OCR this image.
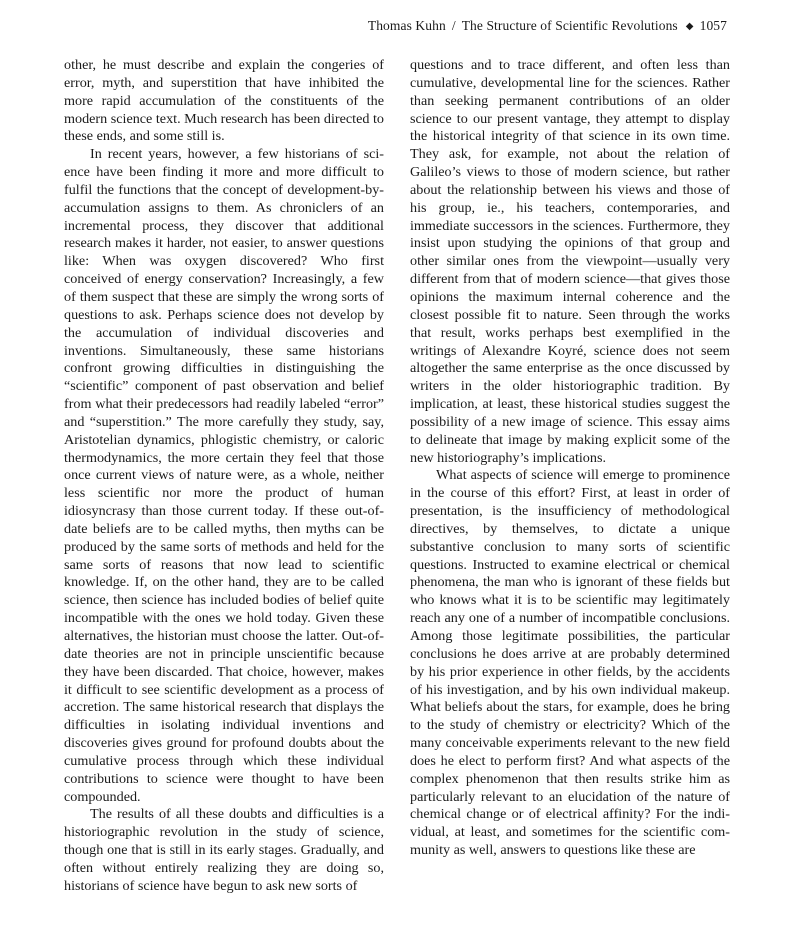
Thomas Kuhn / The Structure of Scientific Revolutions ◆ 1057

other, he must describe and explain the congeries of error, myth, and superstition that have inhibited the more rapid accumulation of the constituents of the modern science text. Much research has been directed to these ends, and some still is.

In recent years, however, a few historians of science have been finding it more and more difficult to fulfil the functions that the concept of development-by-accumulation assigns to them. As chroniclers of an incremental process, they discover that additional research makes it harder, not easier, to answer questions like: When was oxygen discovered? Who first conceived of energy conservation? Increasingly, a few of them suspect that these are simply the wrong sorts of questions to ask. Perhaps science does not develop by the accumulation of individual discoveries and inventions. Simultaneously, these same historians confront growing difficulties in distinguishing the “scientific” component of past observation and belief from what their predecessors had readily labeled “error” and “superstition.” The more carefully they study, say, Aristotelian dynamics, phlogistic chemistry, or caloric thermodynamics, the more certain they feel that those once current views of nature were, as a whole, neither less scientific nor more the product of human idiosyncrasy than those current today. If these out-of-date beliefs are to be called myths, then myths can be produced by the same sorts of methods and held for the same sorts of reasons that now lead to scientific knowledge. If, on the other hand, they are to be called science, then science has included bodies of belief quite incompatible with the ones we hold today. Given these alternatives, the historian must choose the latter. Out-of-date theories are not in principle unscientific because they have been discarded. That choice, however, makes it difficult to see scientific development as a process of accretion. The same historical research that displays the difficulties in isolating individual inventions and discoveries gives ground for profound doubts about the cumulative process through which these individual contributions to science were thought to have been compounded.

The results of all these doubts and difficulties is a historiographic revolution in the study of science, though one that is still in its early stages. Gradually, and often without entirely realizing they are doing so, historians of science have begun to ask new sorts of

questions and to trace different, and often less than cumulative, developmental line for the sciences. Rather than seeking permanent contributions of an older science to our present vantage, they attempt to display the historical integrity of that science in its own time. They ask, for example, not about the relation of Galileo’s views to those of modern science, but rather about the relationship between his views and those of his group, ie., his teachers, contemporaries, and immediate successors in the sciences. Furthermore, they insist upon studying the opinions of that group and other similar ones from the viewpoint—usually very different from that of modern science—that gives those opinions the maximum internal coherence and the closest possible fit to nature. Seen through the works that result, works perhaps best exemplified in the writings of Alexandre Koyré, science does not seem altogether the same enterprise as the once discussed by writers in the older historiographic tradition. By implication, at least, these historical studies suggest the possibility of a new image of science. This essay aims to delineate that image by making explicit some of the new historiography’s implications.

What aspects of science will emerge to prominence in the course of this effort? First, at least in order of presentation, is the insufficiency of methodological directives, by themselves, to dictate a unique substantive conclusion to many sorts of scientific questions. Instructed to examine electrical or chemical phenomena, the man who is ignorant of these fields but who knows what it is to be scientific may legitimately reach any one of a number of incompatible conclusions. Among those legitimate possibilities, the particular conclusions he does arrive at are probably determined by his prior experience in other fields, by the accidents of his investigation, and by his own individual makeup. What beliefs about the stars, for example, does he bring to the study of chemistry or electricity? Which of the many conceivable experiments relevant to the new field does he elect to perform first? And what aspects of the complex phenomenon that then results strike him as particularly relevant to an elucidation of the nature of chemical change or of electrical affinity? For the individual, at least, and sometimes for the scientific community as well, answers to questions like these are
